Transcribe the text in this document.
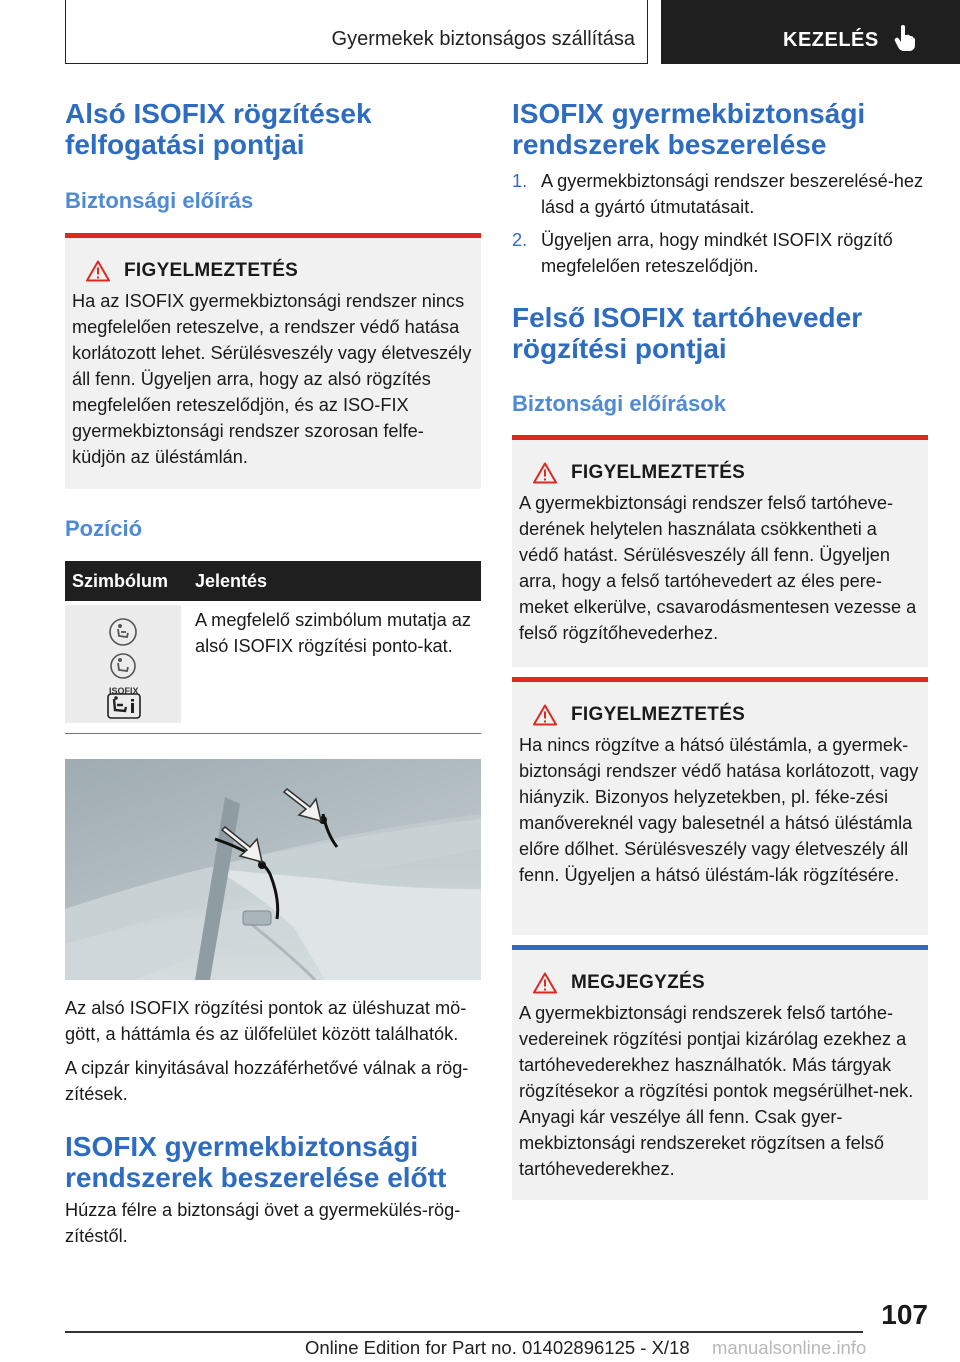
Gyermekek biztonságos szállítása	KEZELÉS
Alsó ISOFIX rögzítések felfogatási pontjai
Biztonsági előírás
FIGYELMEZTETÉS

Ha az ISOFIX gyermekbiztonsági rendszer nincs megfelelően reteszelve, a rendszer védő hatása korlátozott lehet. Sérülésveszély vagy életveszély áll fenn. Ügyeljen arra, hogy az alsó rögzítés megfelelően reteszelődjön, és az ISO-FIX gyermekbiztonsági rendszer szorosan felfe-küdjön az üléstámlán.

Pozíció
Szimbólum	Jelentés

ISOFIX	A megfelelő szimbólum mutatja az alsó ISOFIX rögzítési ponto-kat.

Az alsó ISOFIX rögzítési pontok az üléshuzat mö-gött, a háttámla és az ülőfelület között találhatók.

A cipzár kinyitásával hozzáférhetővé válnak a rög-zítések.

ISOFIX gyermekbiztonsági rendszerek beszerelése előtt

Húzza félre a biztonsági övet a gyermekülés-rög-zítéstől.

ISOFIX gyermekbiztonsági rendszerek beszerelése
1. A gyermekbiztonsági rendszer beszerelésé-hez lásd a gyártó útmutatásait.
2. Ügyeljen arra, hogy mindkét ISOFIX rögzítő megfelelően reteszelődjön.
Felső ISOFIX tartóheveder rögzítési pontjai
Biztonsági előírások
FIGYELMEZTETÉS

A gyermekbiztonsági rendszer felső tartóheve-derének helytelen használata csökkentheti a védő hatást. Sérülésveszély áll fenn. Ügyeljen arra, hogy a felső tartóhevedert az éles pere-meket elkerülve, csavarodásmentesen vezesse a felső rögzítőhevederhez.

FIGYELMEZTETÉS

Ha nincs rögzítve a hátsó üléstámla, a gyermek-biztonsági rendszer védő hatása korlátozott, vagy hiányzik. Bizonyos helyzetekben, pl. féke-zési manővereknél vagy balesetnél a hátsó üléstámla előre dőlhet. Sérülésveszély vagy életveszély áll fenn. Ügyeljen a hátsó üléstám-lák rögzítésére.

MEGJEGYZÉS

A gyermekbiztonsági rendszerek felső tartóhe-vedereinek rögzítési pontjai kizárólag ezekhez a tartóhevederekhez használhatók. Más tárgyak rögzítésekor a rögzítési pontok megsérülhet-nek. Anyagi kár veszélye áll fenn. Csak gyer-mekbiztonsági rendszereket rögzítsen a felső tartóhevederekhez.

107
Online Edition for Part no. 01402896125 - X/18 manualsonline.info
